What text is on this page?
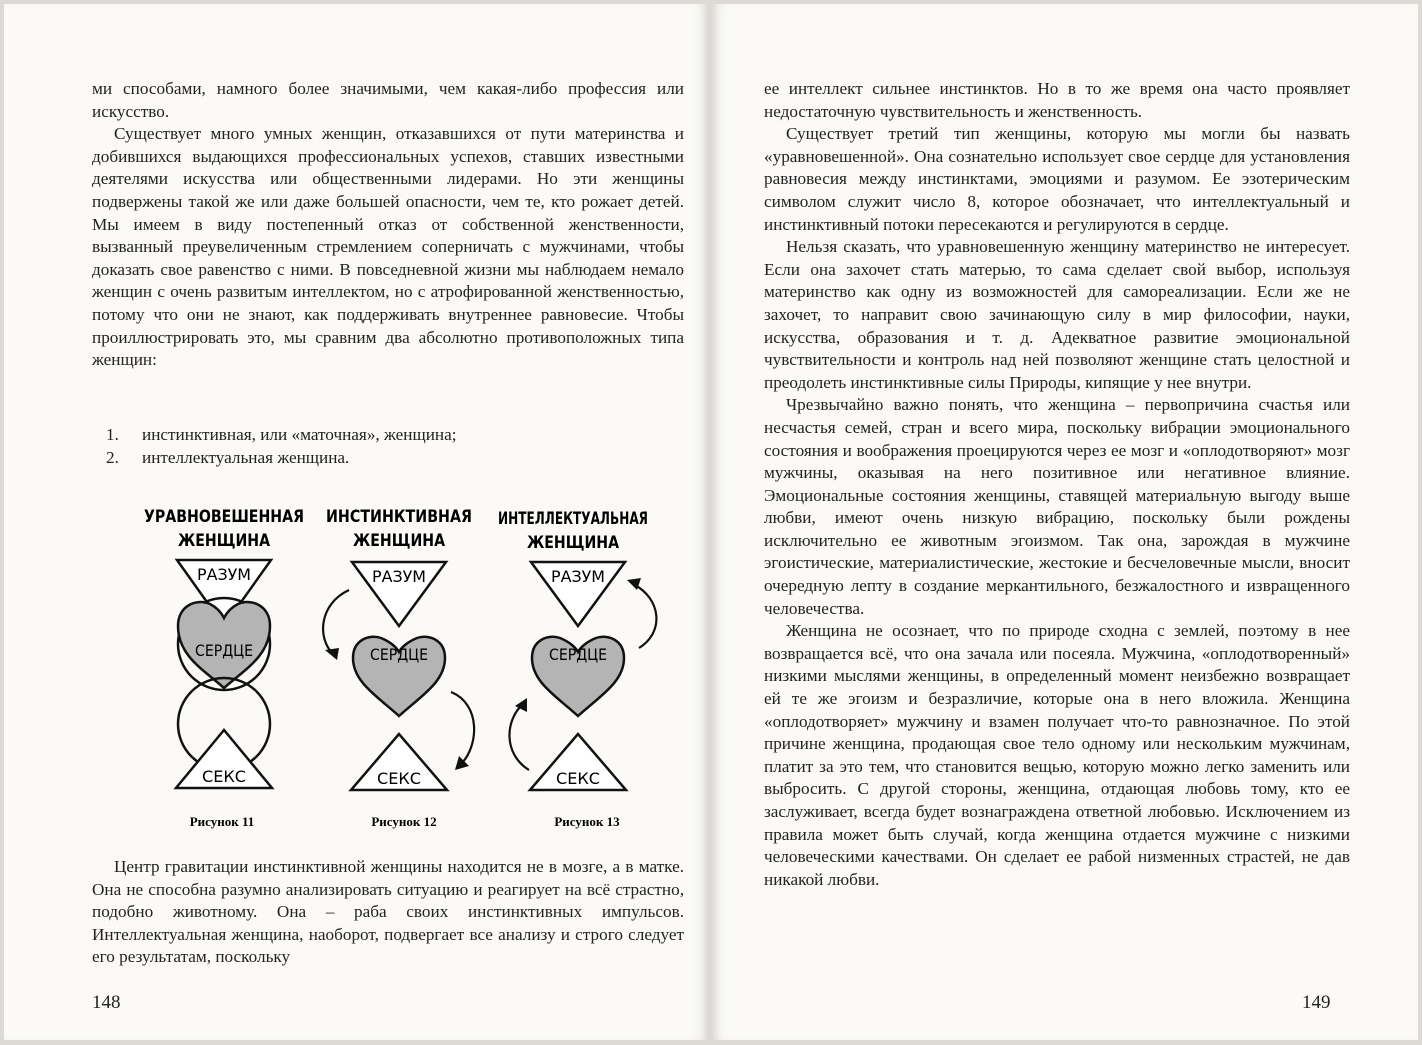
ми способами, намного более значимыми, чем какая-либо профессия или искусство.

Существует много умных женщин, отказавшихся от пути материнства и добившихся выдающихся профессиональных успехов, ставших известными деятелями искусства или общественными лидерами. Но эти женщины подвержены такой же или даже большей опасности, чем те, кто рожает детей. Мы имеем в виду постепенный отказ от собственной женственности, вызванный преувеличенным стремлением соперничать с мужчинами, чтобы доказать свое равенство с ними. В повседневной жизни мы наблюдаем немало женщин с очень развитым интеллектом, но с атрофированной женственностью, потому что они не знают, как поддерживать внутреннее равновесие. Чтобы проиллюстрировать это, мы сравним два абсолютно противоположных типа женщин:

1.	инстинктивная, или «маточная», женщина;
2.	интеллектуальная женщина.
УРАВНОВЕШЕННАЯ
ЖЕНЩИНА
РАЗУМ
СЕРДЦЕ
СЕКС
Рисунок 11
ИНСТИНКТИВНАЯ
ЖЕНЩИНА
РАЗУМ
СЕРДЦЕ
СЕКС
Рисунок 12
ИНТЕЛЛЕКТУАЛЬНАЯ
ЖЕНЩИНА
РАЗУМ
СЕРДЦЕ
СЕКС
Рисунок 13

Центр гравитации инстинктивной женщины находится не в мозге, а в матке. Она не способна разумно анализировать ситуацию и реагирует на всё страстно, подобно животному. Она – раба своих инстинктивных импульсов. Интеллектуальная женщина, наоборот, подвергает все анализу и строго следует его результатам, поскольку

148

ее интеллект сильнее инстинктов. Но в то же время она часто проявляет недостаточную чувствительность и женственность.

Существует третий тип женщины, которую мы могли бы назвать «уравновешенной». Она сознательно использует свое сердце для установления равновесия между инстинктами, эмоциями и разумом. Ее эзотерическим символом служит число 8, которое обозначает, что интеллектуальный и инстинктивный потоки пересекаются и регулируются в сердце.

Нельзя сказать, что уравновешенную женщину материнство не интересует. Если она захочет стать матерью, то сама сделает свой выбор, используя материнство как одну из возможностей для самореализации. Если же не захочет, то направит свою зачинающую силу в мир философии, науки, искусства, образования и т. д. Адекватное развитие эмоциональной чувствительности и контроль над ней позволяют женщине стать целостной и преодолеть инстинктивные силы Природы, кипящие у нее внутри.

Чрезвычайно важно понять, что женщина – первопричина счастья или несчастья семей, стран и всего мира, поскольку вибрации эмоционального состояния и воображения проецируются через ее мозг и «оплодотворяют» мозг мужчины, оказывая на него позитивное или негативное влияние. Эмоциональные состояния женщины, ставящей материальную выгоду выше любви, имеют очень низкую вибрацию, поскольку были рождены исключительно ее животным эгоизмом. Так она, зарождая в мужчине эгоистические, материалистические, жестокие и бесчеловечные мысли, вносит очередную лепту в создание меркантильного, безжалостного и извращенного человечества.

Женщина не осознает, что по природе сходна с землей, поэтому в нее возвращается всё, что она зачала или посеяла. Мужчина, «оплодотворенный» низкими мыслями женщины, в определенный момент неизбежно возвращает ей те же эгоизм и безразличие, которые она в него вложила. Женщина «оплодотворяет» мужчину и взамен получает что-то равнозначное. По этой причине женщина, продающая свое тело одному или нескольким мужчинам, платит за это тем, что становится вещью, которую можно легко заменить или выбросить. С другой стороны, женщина, отдающая любовь тому, кто ее заслуживает, всегда будет вознаграждена ответной любовью. Исключением из правила может быть случай, когда женщина отдается мужчине с низкими человеческими качествами. Он сделает ее рабой низменных страстей, не дав никакой любви.

149
